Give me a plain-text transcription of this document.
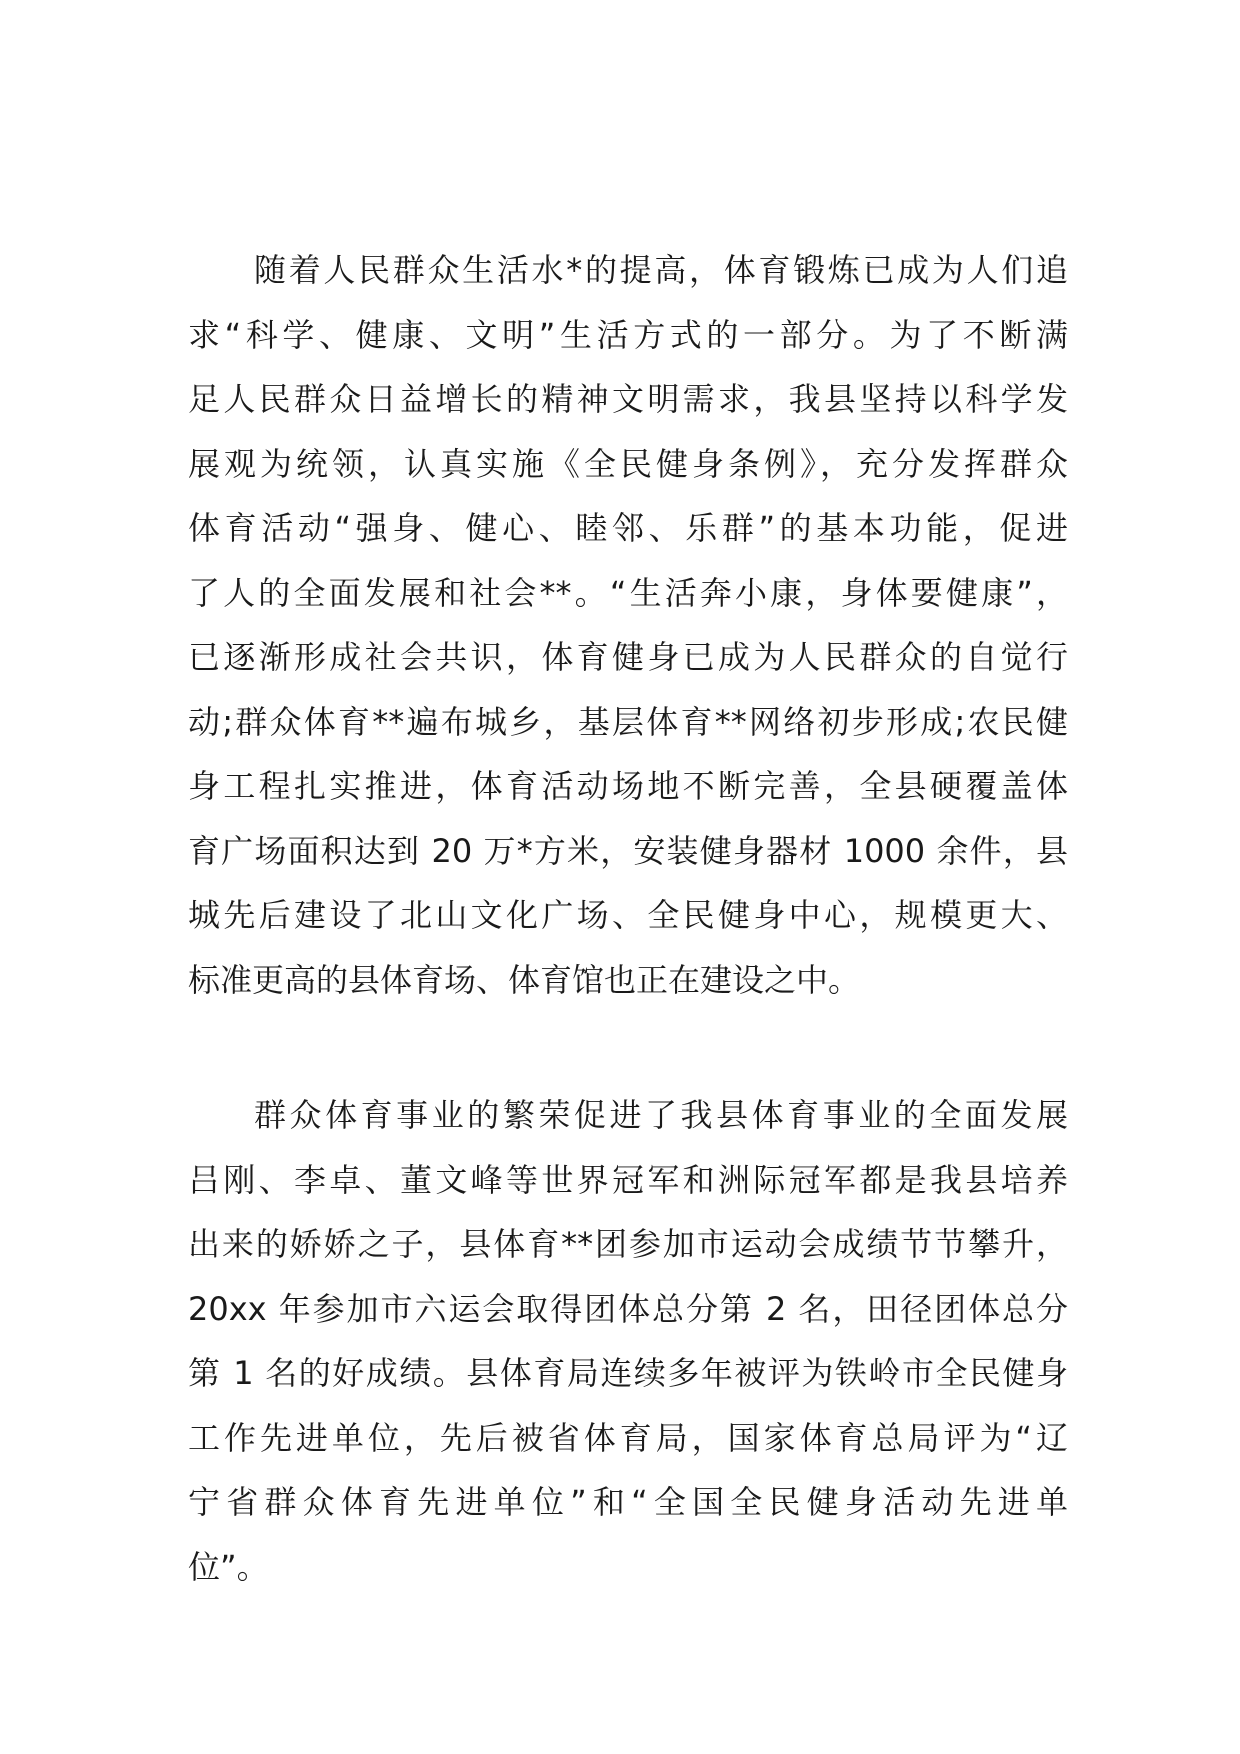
随着人民群众生活水*的提高，体育锻炼已成为人们追
求“科学、健康、文明”生活方式的一部分。为了不断满
足人民群众日益增长的精神文明需求，我县坚持以科学发
展观为统领，认真实施《全民健身条例》，充分发挥群众
体育活动“强身、健心、睦邻、乐群”的基本功能，促进
了人的全面发展和社会**。“生活奔小康，身体要健康”，
已逐渐形成社会共识，体育健身已成为人民群众的自觉行
动;群众体育**遍布城乡，基层体育**网络初步形成;农民健
身工程扎实推进，体育活动场地不断完善，全县硬覆盖体
育广场面积达到 20 万*方米，安装健身器材 1000 余件，县
城先后建设了北山文化广场、全民健身中心，规模更大、
标准更高的县体育场、体育馆也正在建设之中。

群众体育事业的繁荣促进了我县体育事业的全面发展
吕刚、李卓、董文峰等世界冠军和洲际冠军都是我县培养
出来的娇娇之子，县体育**团参加市运动会成绩节节攀升，
20xx 年参加市六运会取得团体总分第 2 名，田径团体总分
第 1 名的好成绩。县体育局连续多年被评为铁岭市全民健身
工作先进单位，先后被省体育局，国家体育总局评为“辽
宁省群众体育先进单位”和“全国全民健身活动先进单
位”。
